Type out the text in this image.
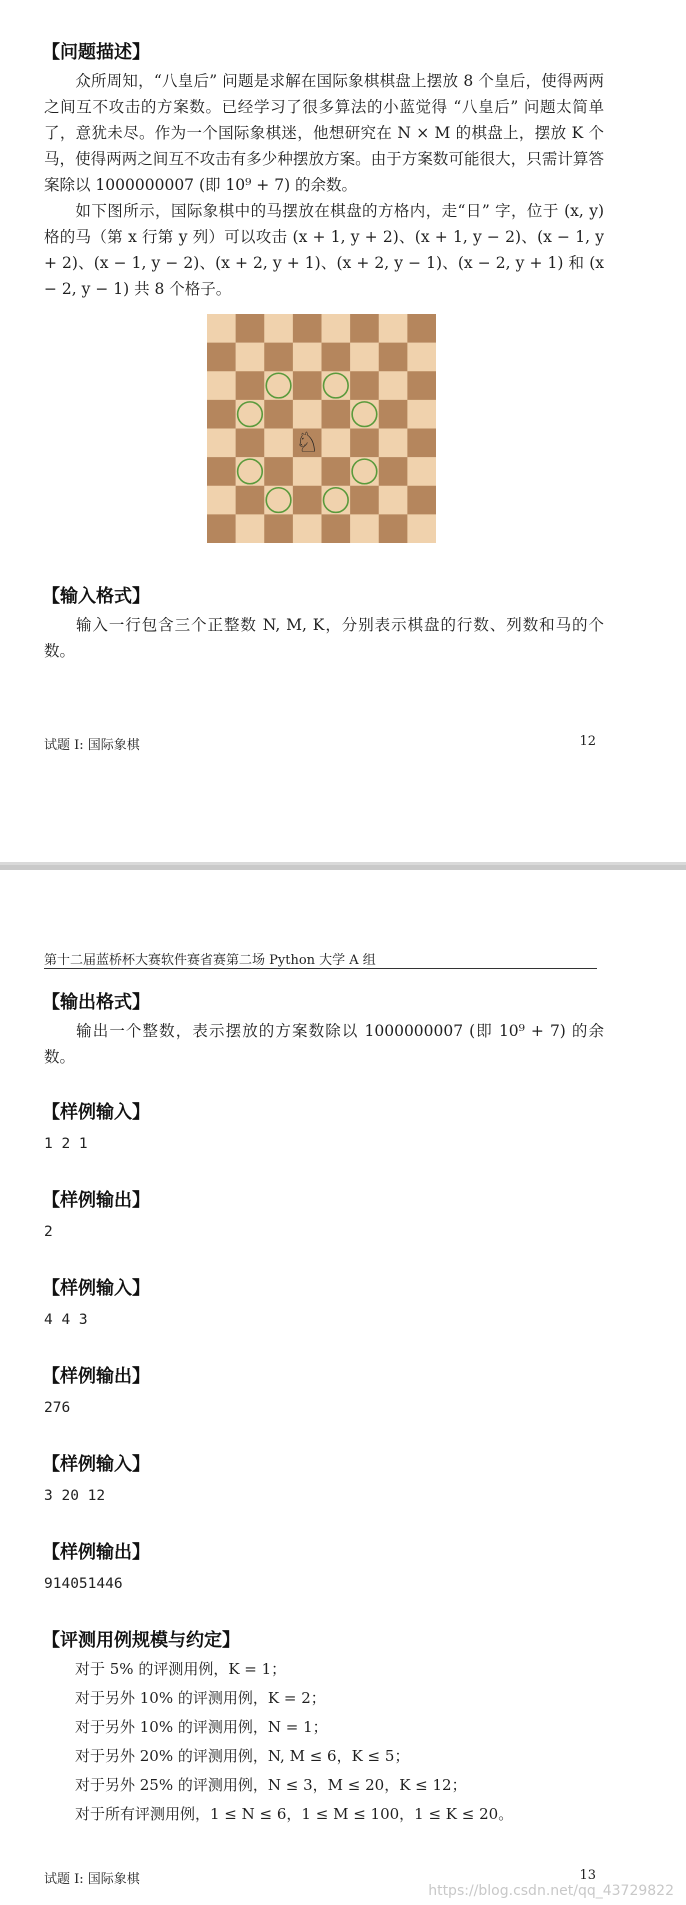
【问题描述】
众所周知，“八皇后” 问题是求解在国际象棋棋盘上摆放 8 个皇后，使得两两之间互不攻击的方案数。已经学习了很多算法的小蓝觉得 “八皇后” 问题太简单了，意犹未尽。作为一个国际象棋迷，他想研究在 N × M 的棋盘上，摆放 K 个马，使得两两之间互不攻击有多少种摆放方案。由于方案数可能很大，只需计算答案除以 1000000007 (即 10⁹ + 7) 的余数。
如下图所示，国际象棋中的马摆放在棋盘的方格内，走“日” 字，位于 (x, y) 格的马（第 x 行第 y 列）可以攻击 (x + 1, y + 2)、(x + 1, y − 2)、(x − 1, y + 2)、(x − 1, y − 2)、(x + 2, y + 1)、(x + 2, y − 1)、(x − 2, y + 1) 和 (x − 2, y − 1) 共 8 个格子。
♘
【输入格式】
输入一行包含三个正整数 N, M, K，分别表示棋盘的行数、列数和马的个数。
试题 I: 国际象棋	12
第十二届蓝桥杯大赛软件赛省赛第二场 Python 大学 A 组
【输出格式】
输出一个整数，表示摆放的方案数除以 1000000007 (即 10⁹ + 7) 的余数。
【样例输入】
1 2 1
【样例输出】
2
【样例输入】
4 4 3
【样例输出】
276
【样例输入】
3 20 12
【样例输出】
914051446
【评测用例规模与约定】
对于 5% 的评测用例，K = 1；
对于另外 10% 的评测用例，K = 2；
对于另外 10% 的评测用例，N = 1；
对于另外 20% 的评测用例，N, M ≤ 6，K ≤ 5；
对于另外 25% 的评测用例，N ≤ 3，M ≤ 20，K ≤ 12；
对于所有评测用例，1 ≤ N ≤ 6，1 ≤ M ≤ 100，1 ≤ K ≤ 20。
试题 I: 国际象棋	13
https://blog.csdn.net/qq_43729822
